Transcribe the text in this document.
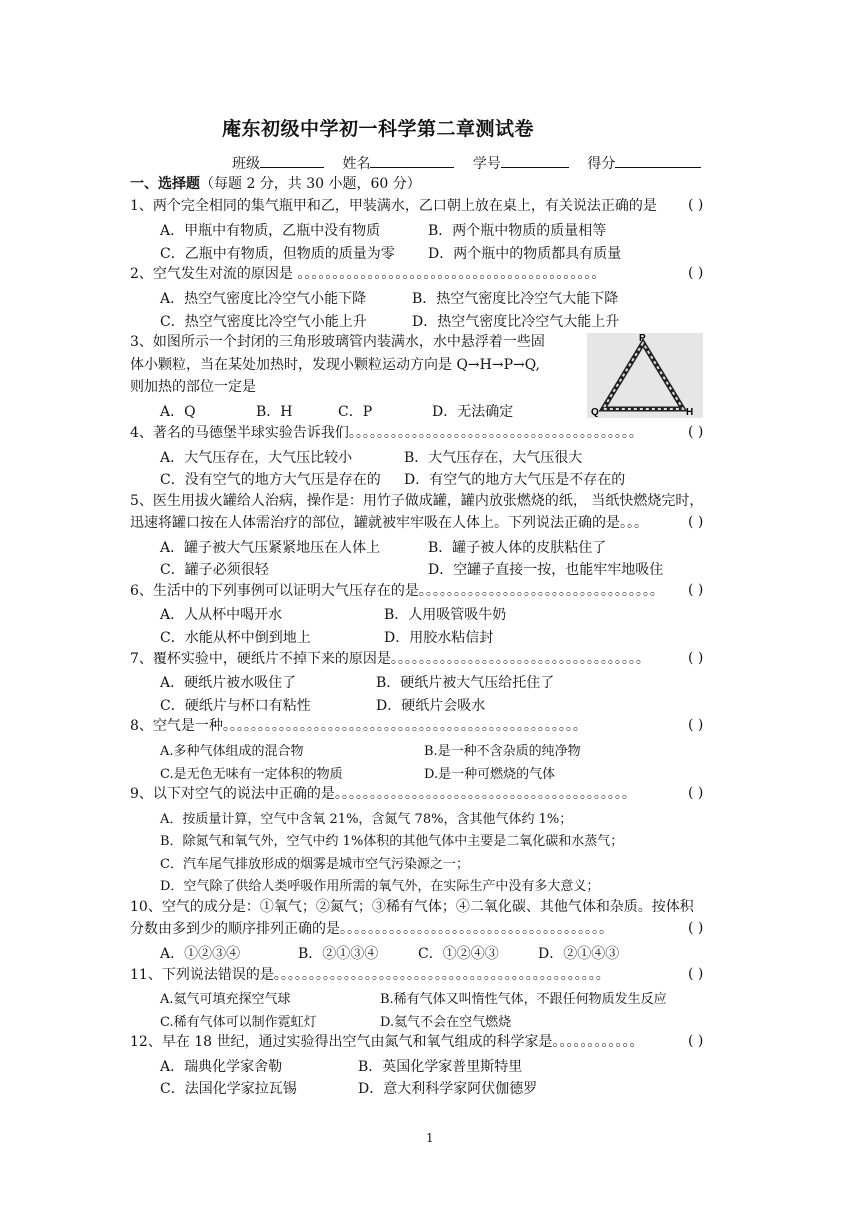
庵东初级中学初一科学第二章测试卷
班级	姓名	学号	得分
一、选择题（每题 2 分，共 30 小题，60 分）
1、两个完全相同的集气瓶甲和乙，甲装满水，乙口朝上放在桌上，有关说法正确的是 ( )
A．甲瓶中有物质，乙瓶中没有物质	B．两个瓶中物质的质量相等
C．乙瓶中有物质，但物质的质量为零 D．两个瓶中的物质都具有质量
2、空气发生对流的原因是 。。。。。。。。。。。。。。。。。。。。。。。。。。。。。。。。。。。。。。。。。。。	( )
A．热空气密度比冷空气小能下降	B．热空气密度比冷空气大能下降
C．热空气密度比冷空气小能上升	D．热空气密度比冷空气大能上升
3、如图所示一个封闭的三角形玻璃管内装满水，水中悬浮着一些固
体小颗粒，当在某处加热时，发现小颗粒运动方向是 Q→H→P→Q,
则加热的部位一定是
A．Q	B．H	C．P	D．无法确定
P
Q	H
4、著名的马德堡半球实验告诉我们。。。。。。。。。。。。。。。。。。。。。。。。。。。。。。。。。。。。。。。。。	( )
A．大气压存在，大气压比较小	B．大气压存在，大气压很大
C．没有空气的地方大气压是存在的 D．有空气的地方大气压是不存在的
5、医生用拔火罐给人治病，操作是：用竹子做成罐，罐内放张燃烧的纸， 当纸快燃烧完时，
迅速将罐口按在人体需治疗的部位，罐就被牢牢吸在人体上。下列说法正确的是。。。	( )
A．罐子被大气压紧紧地压在人体上	B．罐子被人体的皮肤粘住了
C．罐子必须很轻	D．空罐子直接一按，也能牢牢地吸住
6、生活中的下列事例可以证明大气压存在的是。。。。。。。。。。。。。。。。。。。。。。。。。。。。。。。。。。 ( )
A．人从杯中喝开水	B．人用吸管吸牛奶
C．水能从杯中倒到地上	D．用胶水粘信封
7、覆杯实验中，硬纸片不掉下来的原因是。。。。。。。。。。。。。。。。。。。。。。。。。。。。。。。。。。。。	( )
A．硬纸片被水吸住了	B．硬纸片被大气压给托住了
C．硬纸片与杯口有粘性	D．硬纸片会吸水
8、空气是一种。。。。。。。。。。。。。。。。。。。。。。。。。。。。。。。。。。。。。。。。。。。。。。。。。。。	( )
A.多种气体组成的混合物	B.是一种不含杂质的纯净物
C.是无色无味有一定体积的物质	D.是一种可燃烧的气体
9、以下对空气的说法中正确的是。。。。。。。。。。。。。。。。。。。。。。。。。。。。。。。。。。。。。。。。。。	( )
A．按质量计算，空气中含氧 21%，含氮气 78%，含其他气体约 1%；
B．除氮气和氧气外，空气中约 1%体积的其他气体中主要是二氧化碳和水蒸气；
C．汽车尾气排放形成的烟雾是城市空气污染源之一；
D．空气除了供给人类呼吸作用所需的氧气外，在实际生产中没有多大意义；
10、空气的成分是：①氧气；②氮气；③稀有气体；④二氧化碳、其他气体和杂质。按体积
分数由多到少的顺序排列正确的是。。。。。。。。。。。。。。。。。。。。。。。。。。。。。。。。。。。。。。	( )
A．①②③④	B．②①③④	C．①②④③	D．②①④③
11、下列说法错误的是。。。。。。。。。。。。。。。。。。。。。。。。。。。。。。。。。。。。。。。。。。。。。。。	( )
A.氦气可填充探空气球	B.稀有气体又叫惰性气体，不跟任何物质发生反应
C.稀有气体可以制作霓虹灯	D.氦气不会在空气燃烧
12、早在 18 世纪，通过实验得出空气由氮气和氧气组成的科学家是。。。。。。。。。。。。	( )
A．瑞典化学家舍勒	B．英国化学家普里斯特里
C．法国化学家拉瓦锡	D．意大利科学家阿伏伽德罗
1
